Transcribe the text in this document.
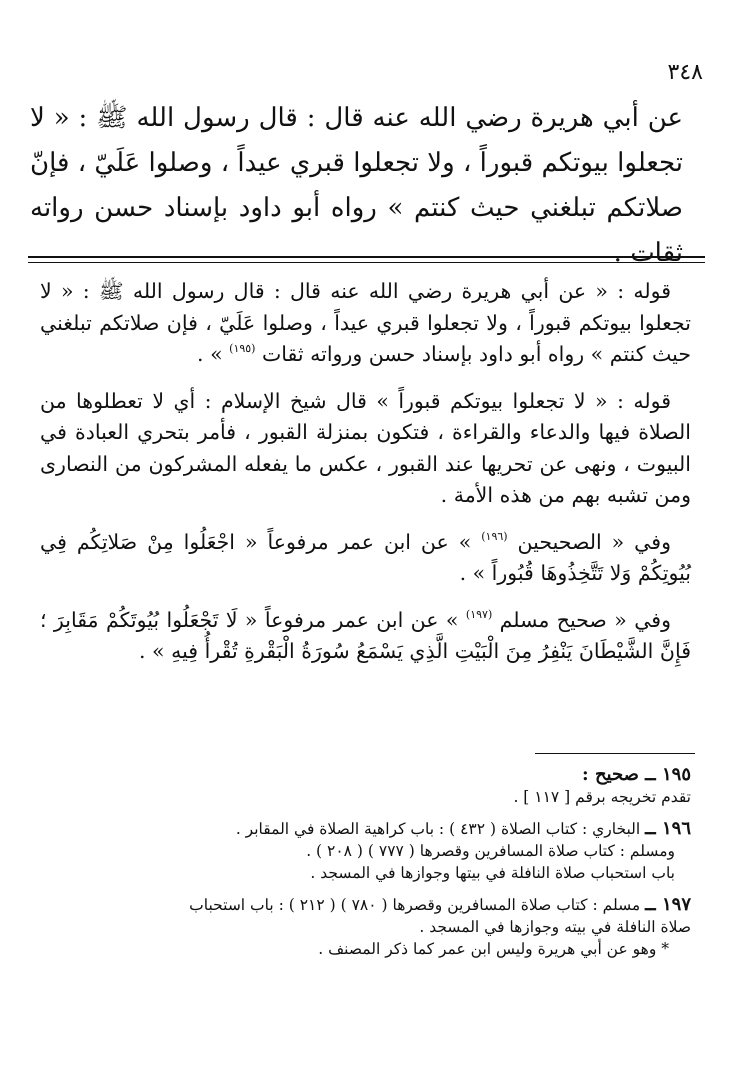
٣٤٨
عن أبي هريرة رضي الله عنه قال : قال رسول الله ﷺ : « لا تجعلوا بيوتكم قبوراً ، ولا تجعلوا قبري عيداً ، وصلوا عَلَيّ ، فإنّ صلاتكم تبلغني حيث كنتم » رواه أبو داود بإسناد حسن رواته ثقات .

قوله : « عن أبي هريرة رضي الله عنه قال : قال رسول الله ﷺ : « لا تجعلوا بيوتكم قبوراً ، ولا تجعلوا قبري عيداً ، وصلوا عَلَيّ ، فإن صلاتكم تبلغني حيث كنتم » رواه أبو داود بإسناد حسن ورواته ثقات $^{(١٩٥)}$ » .

قوله : « لا تجعلوا بيوتكم قبوراً » قال شيخ الإسلام : أي لا تعطلوها من الصلاة فيها والدعاء والقراءة ، فتكون بمنزلة القبور ، فأمر بتحري العبادة في البيوت ، ونهى عن تحريها عند القبور ، عكس ما يفعله المشركون من النصارى ومن تشبه بهم من هذه الأمة .

وفي « الصحيحين $^{(١٩٦)}$ » عن ابن عمر مرفوعاً « اجْعَلُوا مِنْ صَلاتِكُم فِي بُيُوتِكُمْ وَلا تَتَّخِذُوهَا قُبُوراً » .

وفي « صحيح مسلم $^{(١٩٧)}$ » عن ابن عمر مرفوعاً « لَا تَجْعَلُوا بُيُوتَكُمْ مَقَابِرَ ؛ فَإِنَّ الشَّيْطَانَ يَنْفِرُ مِنَ الْبَيْتِ الَّذِي يَسْمَعُ سُورَةُ الْبَقْرةِ تُقْرأُ فِيهِ » .

١٩٥ ــ صحيح :
تقدم تخريجه برقم [ ١١٧ ] .
١٩٦ ــ البخاري : كتاب الصلاة ( ٤٣٢ ) : باب كراهية الصلاة في المقابر .
ومسلم : كتاب صلاة المسافرين وقصرها ( ٧٧٧ ) ( ٢٠٨ ) .
باب استحباب صلاة النافلة في بيتها وجوازها في المسجد .
١٩٧ ــ مسلم : كتاب صلاة المسافرين وقصرها ( ٧٨٠ ) ( ٢١٢ ) : باب استحباب
صلاة النافلة في بيته وجوازها في المسجد .
* وهو عن أبي هريرة وليس ابن عمر كما ذكر المصنف .
